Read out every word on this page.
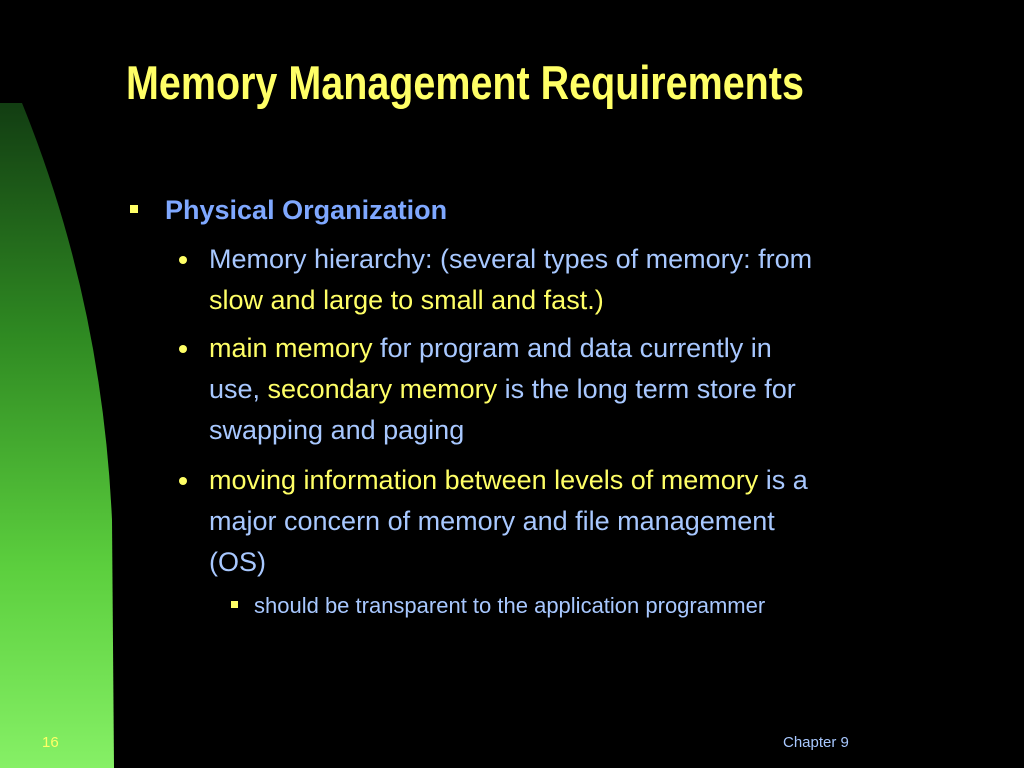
Memory Management Requirements
Physical Organization
Memory hierarchy: (several types of memory: from
slow and large to small and fast.)
main memory for program and data currently in
use, secondary memory is the long term store for
swapping and paging
moving information between levels of memory is a
major concern of memory and file management
(OS)
should be transparent to the application programmer
16	Chapter 9
